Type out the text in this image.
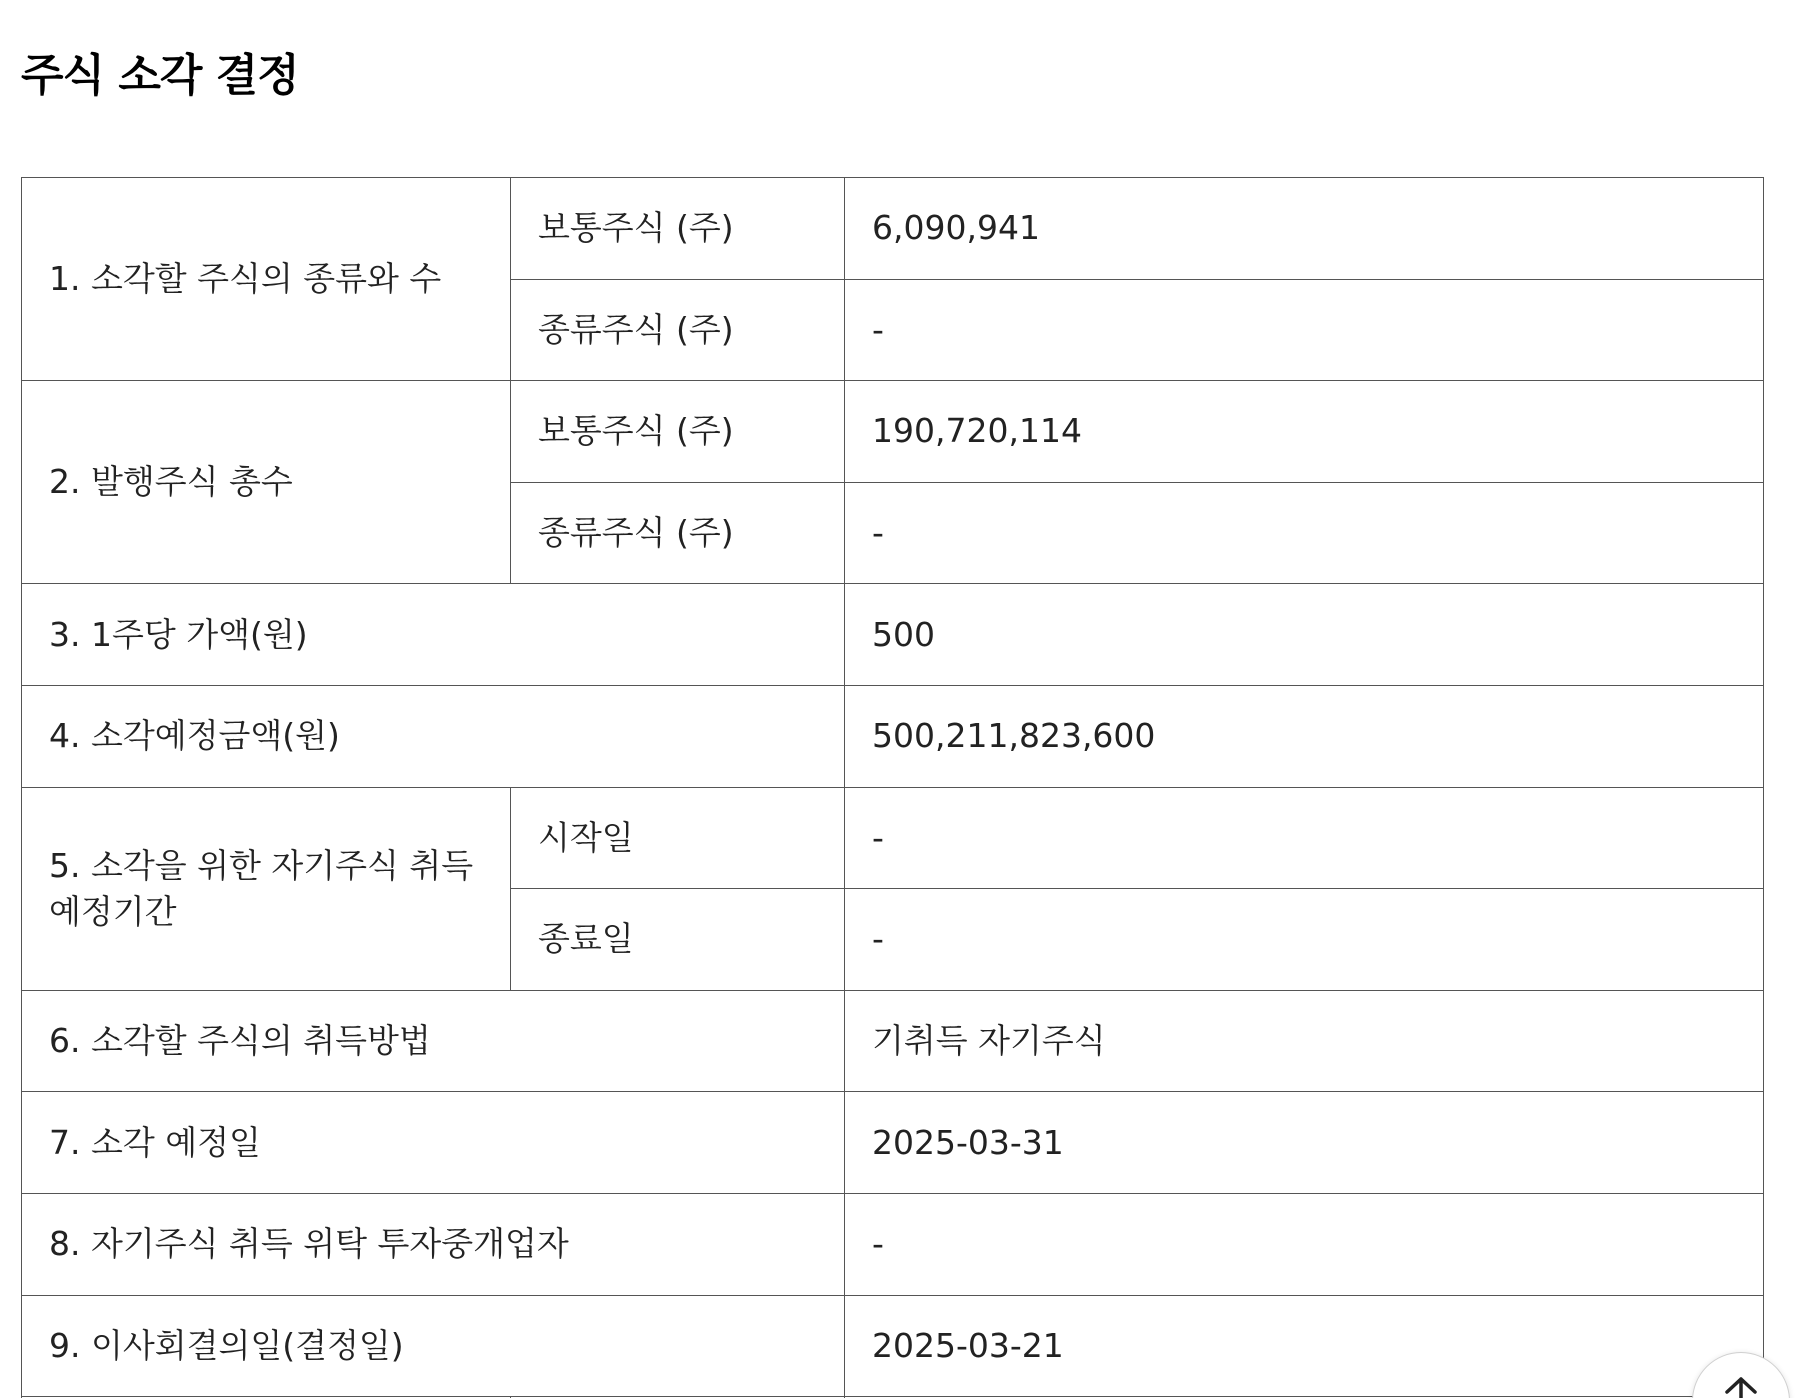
주식 소각 결정
1. 소각할 주식의 종류와 수	보통주식 (주)	6,090,941
	종류주식 (주)	-
2. 발행주식 총수	보통주식 (주)	190,720,114
	종류주식 (주)	-
3. 1주당 가액(원)		500
4. 소각예정금액(원)		500,211,823,600
5. 소각을 위한 자기주식 취득
예정기간	시작일	-
	종료일	-
6. 소각할 주식의 취득방법		기취득 자기주식
7. 소각 예정일		2025-03-31
8. 자기주식 취득 위탁 투자중개업자		-
9. 이사회결의일(결정일)		2025-03-21
